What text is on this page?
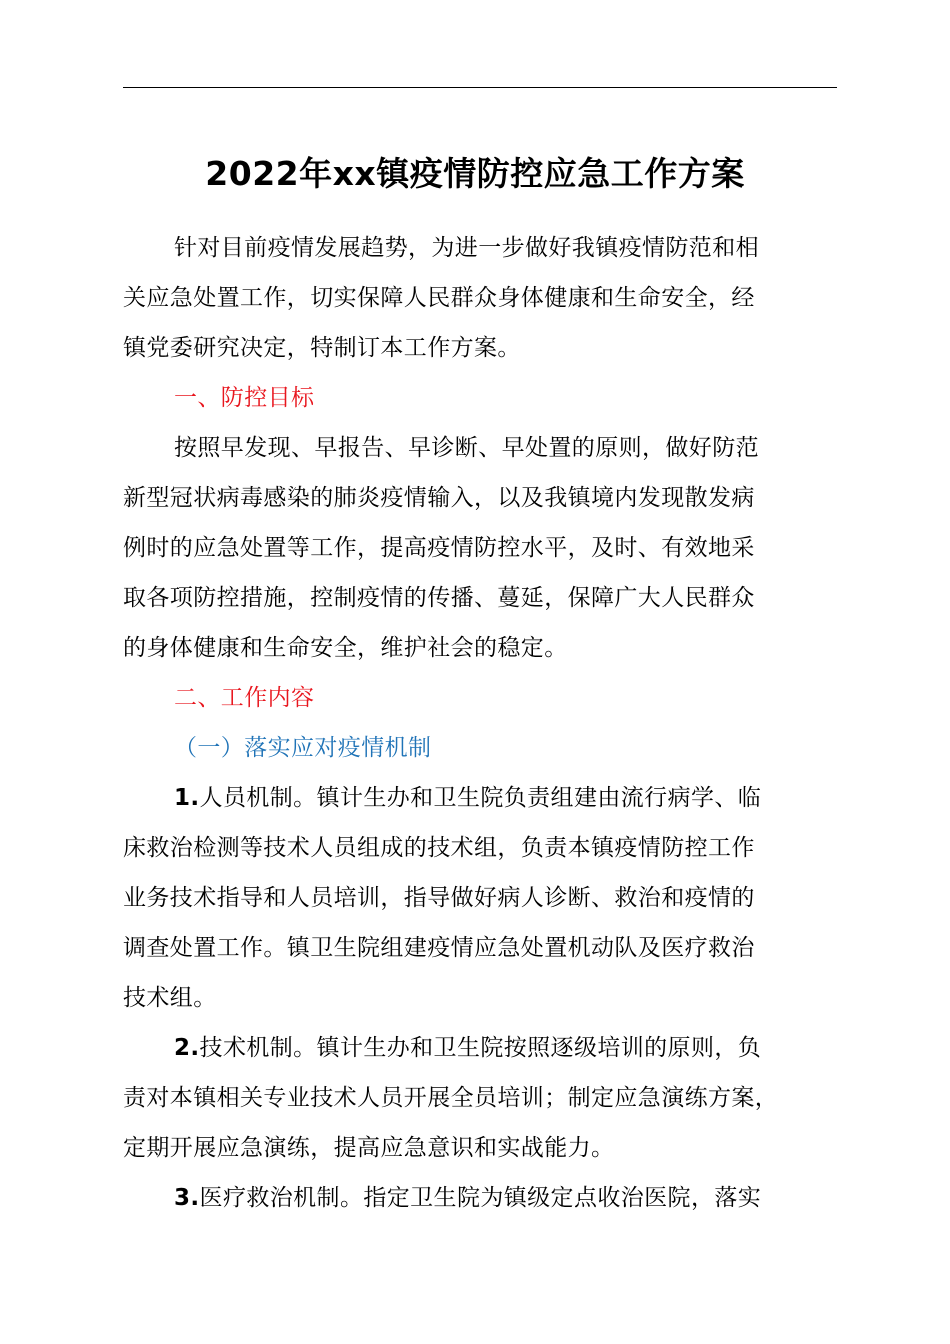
2022年xx镇疫情防控应急工作方案
针对目前疫情发展趋势，为进一步做好我镇疫情防范和相
关应急处置工作，切实保障人民群众身体健康和生命安全，经
镇党委研究决定，特制订本工作方案。
一、防控目标
按照早发现、早报告、早诊断、早处置的原则，做好防范
新型冠状病毒感染的肺炎疫情输入，以及我镇境内发现散发病
例时的应急处置等工作，提高疫情防控水平，及时、有效地采
取各项防控措施，控制疫情的传播、蔓延，保障广大人民群众
的身体健康和生命安全，维护社会的稳定。
二、工作内容
（一）落实应对疫情机制
1.人员机制。镇计生办和卫生院负责组建由流行病学、临
床救治检测等技术人员组成的技术组，负责本镇疫情防控工作
业务技术指导和人员培训，指导做好病人诊断、救治和疫情的
调查处置工作。镇卫生院组建疫情应急处置机动队及医疗救治
技术组。
2.技术机制。镇计生办和卫生院按照逐级培训的原则，负
责对本镇相关专业技术人员开展全员培训；制定应急演练方案，
定期开展应急演练，提高应急意识和实战能力。
3.医疗救治机制。指定卫生院为镇级定点收治医院，落实
